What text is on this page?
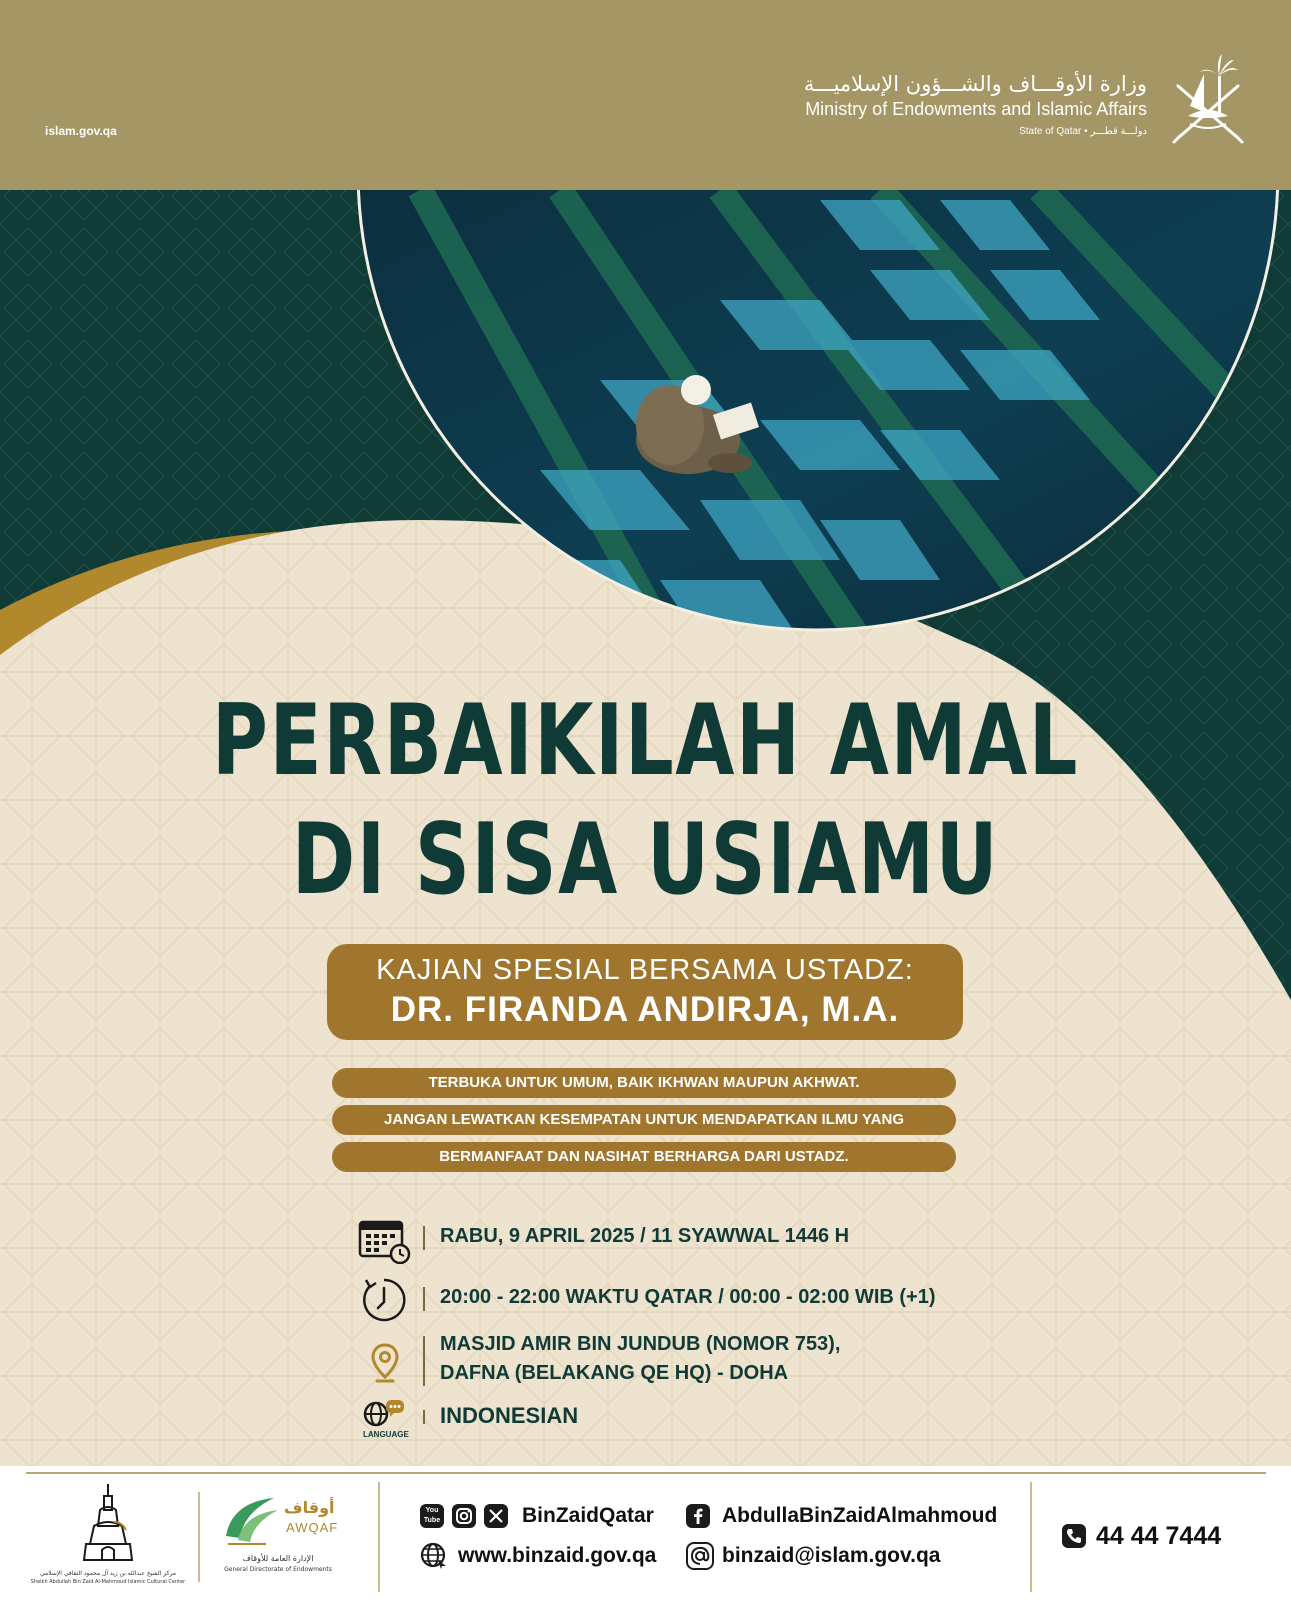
islam.gov.qa
وزارة الأوقـــاف والشـــؤون الإسلاميـــة
Ministry of Endowments and Islamic Affairs
State of Qatar • دولـــة قطـــر
PERBAIKILAH AMAL
DI SISA USIAMU
KAJIAN SPESIAL BERSAMA USTADZ:
DR. FIRANDA ANDIRJA, M.A.
TERBUKA UNTUK UMUM, BAIK IKHWAN MAUPUN AKHWAT.
JANGAN LEWATKAN KESEMPATAN UNTUK MENDAPATKAN ILMU YANG
BERMANFAAT DAN NASIHAT BERHARGA DARI USTADZ.
RABU, 9 APRIL 2025 / 11 SYAWWAL 1446 H
20:00 - 22:00 WAKTU QATAR / 00:00 - 02:00 WIB (+1)
MASJID AMIR BIN JUNDUB (NOMOR 753),
DAFNA (BELAKANG QE HQ) - DOHA
LANGUAGE
INDONESIAN
مركز الشيخ عبدالله بن زيد آل محمود الثقافي الإسلامي
Sheikh Abdullah Bin Zaid Al-Mahmoud Islamic Cultural Center
أوقاف
AWQAF
الإدارة العامة للأوقاف
General Directorate of Endowments
You Tube	BinZaidQatar	AbdullaBinZaidAlmahmoud
www.binzaid.gov.qa	binzaid@islam.gov.qa
44 44 7444
